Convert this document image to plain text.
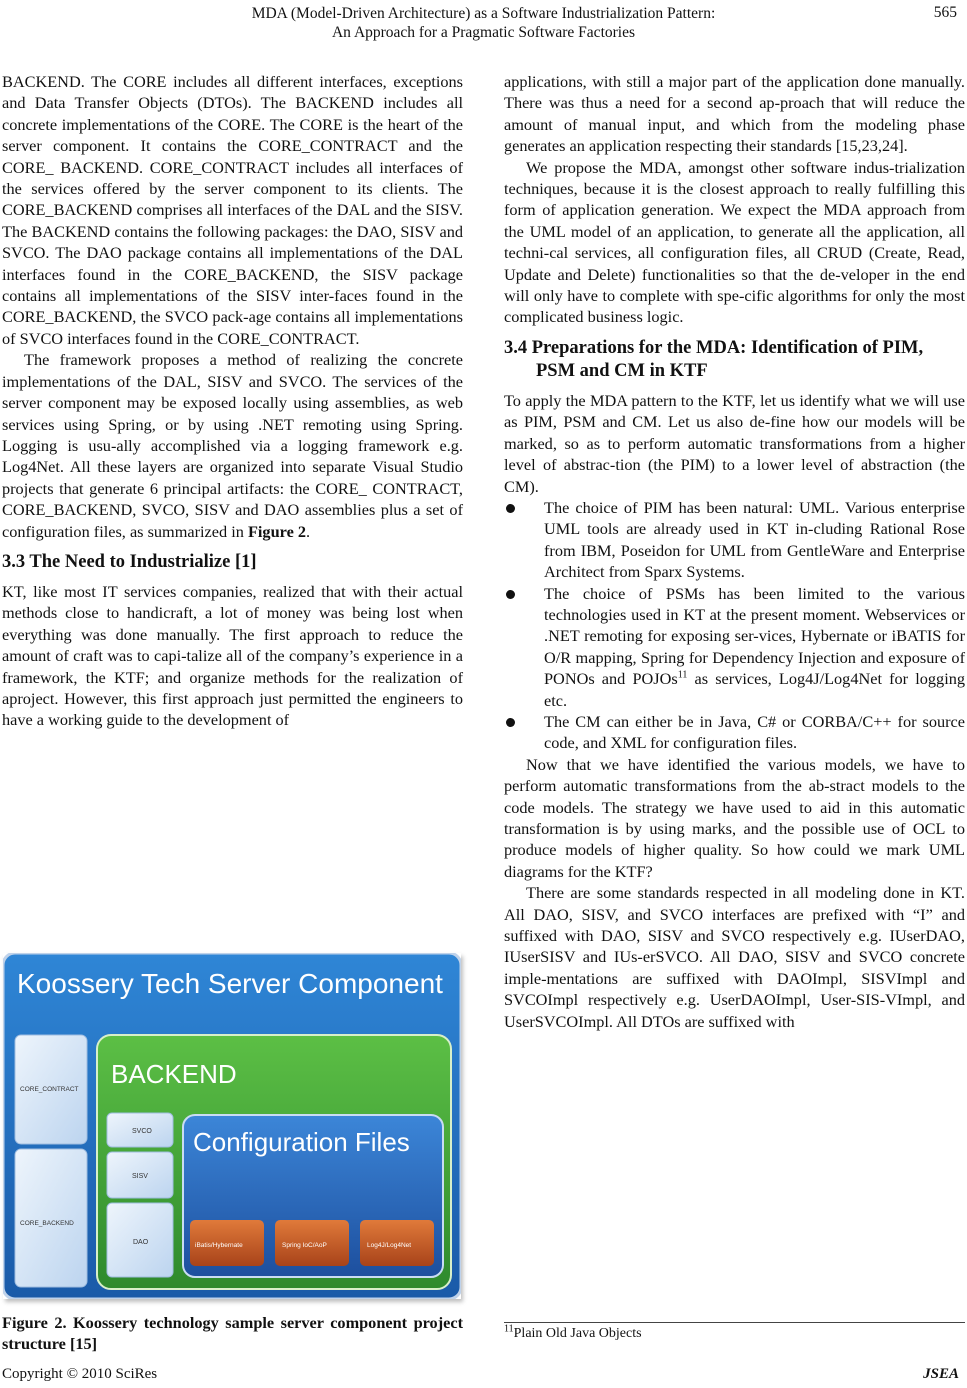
MDA (Model-Driven Architecture) as a Software Industrialization Pattern:
An Approach for a Pragmatic Software Factories
565

BACKEND. The CORE includes all different interfaces, exceptions and Data Transfer Objects (DTOs). The BACKEND includes all concrete implementations of the CORE. The CORE is the heart of the server component. It contains the CORE_CONTRACT and the CORE_ BACKEND. CORE_CONTRACT includes all interfaces of the services offered by the server component to its clients. The CORE_BACKEND comprises all interfaces of the DAL and the SISV. The BACKEND contains the following packages: the DAO, SISV and SVCO. The DAO package contains all implementations of the DAL interfaces found in the CORE_BACKEND, the SISV package contains all implementations of the SISV inter-faces found in the CORE_BACKEND, the SVCO pack-age contains all implementations of SVCO interfaces found in the CORE_CONTRACT.

The framework proposes a method of realizing the concrete implementations of the DAL, SISV and SVCO. The services of the server component may be exposed locally using assemblies, as web services using Spring, or by using .NET remoting using Spring. Logging is usu-ally accomplished via a logging framework e.g. Log4Net. All these layers are organized into separate Visual Studio projects that generate 6 principal artifacts: the CORE_ CONTRACT, CORE_BACKEND, SVCO, SISV and DAO assemblies plus a set of configuration files, as summarized in Figure 2.

3.3 The Need to Industrialize [1]

KT, like most IT services companies, realized that with their actual methods close to handicraft, a lot of money was being lost when everything was done manually. The first approach to reduce the amount of craft was to capi-talize all of the company’s experience in a framework, the KTF; and organize methods for the realization of aproject. However, this first approach just permitted the engineers to have a working guide to the development of

Koossery Tech Server Component
CORE_CONTRACT
CORE_BACKEND
BACKEND
SVCO
SISV
DAO
Configuration Files
iBatis/Hybernate	Spring IoC/AoP	Log4J/Log4Net
Figure 2. Koossery technology sample server component project structure [15]

applications, with still a major part of the application done manually. There was thus a need for a second ap-proach that will reduce the amount of manual input, and which from the modeling phase generates an application respecting their standards [15,23,24].

We propose the MDA, amongst other software indus-trialization techniques, because it is the closest approach to really fulfilling this form of application generation. We expect the MDA approach from the UML model of an application, to generate all the application, all techni-cal services, all configuration files, all CRUD (Create, Read, Update and Delete) functionalities so that the de-veloper in the end will only have to complete with spe-cific algorithms for only the most complicated business logic.

3.4 Preparations for the MDA: Identification of PIM, PSM and CM in KTF

To apply the MDA pattern to the KTF, let us identify what we will use as PIM, PSM and CM. Let us also de-fine how our models will be marked, so as to perform automatic transformations from a higher level of abstrac-tion (the PIM) to a lower level of abstraction (the CM).

The choice of PIM has been natural: UML. Various enterprise UML tools are already used in KT in-cluding Rational Rose from IBM, Poseidon for UML from GentleWare and Enterprise Architect from Sparx Systems.
The choice of PSMs has been limited to the various technologies used in KT at the present moment. Webservices or .NET remoting for exposing ser-vices, Hybernate or iBATIS for O/R mapping, Spring for Dependency Injection and exposure of PONOs and POJOs$^{11}$ as services, Log4J/Log4Net for logging etc.
The CM can either be in Java, C# or CORBA/C++ for source code, and XML for configuration files.

Now that we have identified the various models, we have to perform automatic transformations from the ab-stract models to the code models. The strategy we have used to aid in this automatic transformation is by using marks, and the possible use of OCL to produce models of higher quality. So how could we mark UML diagrams for the KTF?

There are some standards respected in all modeling done in KT. All DAO, SISV, and SVCO interfaces are prefixed with “I” and suffixed with DAO, SISV and SVCO respectively e.g. IUserDAO, IUserSISV and IUs-erSVCO. All DAO, SISV and SVCO concrete imple-mentations are suffixed with DAOImpl, SISVImpl and SVCOImpl respectively e.g. UserDAOImpl, User-SIS-VImpl, and UserSVCOImpl. All DTOs are suffixed with

$^{11}$Plain Old Java Objects
Copyright © 2010 SciRes	JSEA
